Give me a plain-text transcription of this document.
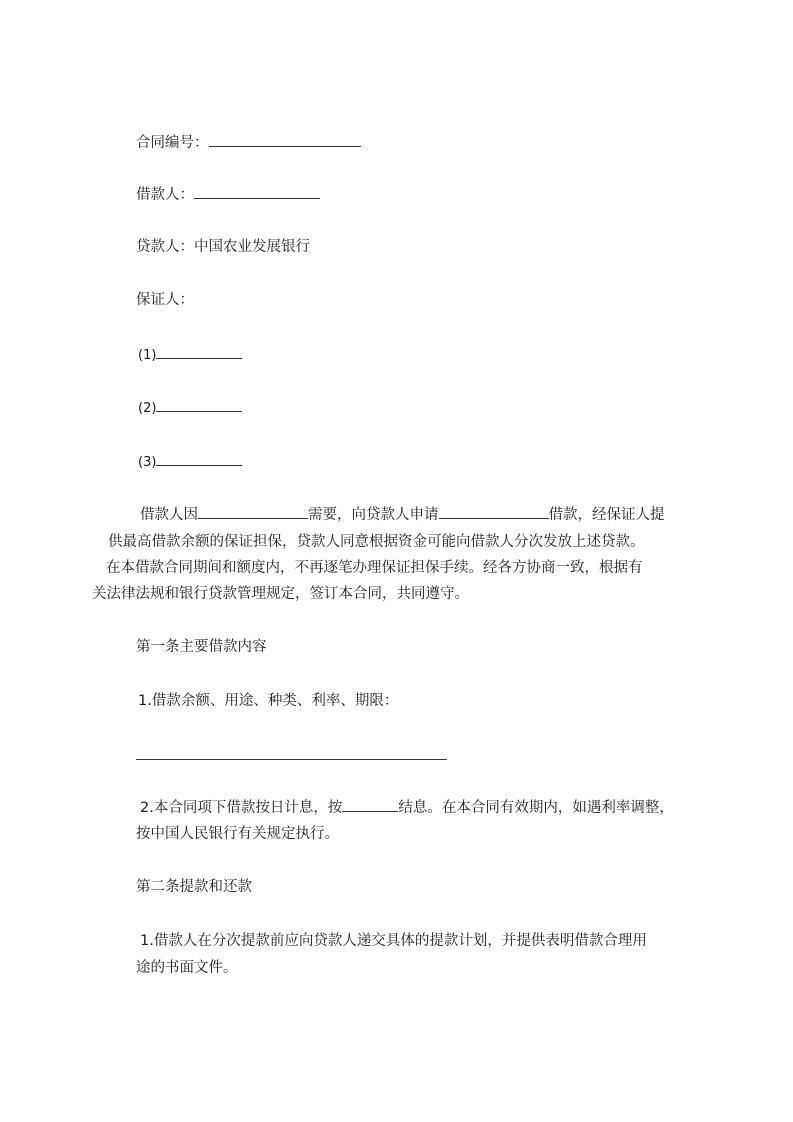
合同编号：
借款人：
贷款人：中国农业发展银行
保证人：
(1)
(2)
(3)
借款人因	需要，向贷款人申请	借款，经保证人提
供最高借款余额的保证担保，贷款人同意根据资金可能向借款人分次发放上述贷款。
在本借款合同期间和额度内，不再逐笔办理保证担保手续。经各方协商一致，根据有
关法律法规和银行贷款管理规定，签订本合同，共同遵守。
第一条主要借款内容
1.借款余额、用途、种类、利率、期限：
2.本合同项下借款按日计息，按	结息。在本合同有效期内，如遇利率调整，
按中国人民银行有关规定执行。
第二条提款和还款
1.借款人在分次提款前应向贷款人递交具体的提款计划，并提供表明借款合理用
途的书面文件。
